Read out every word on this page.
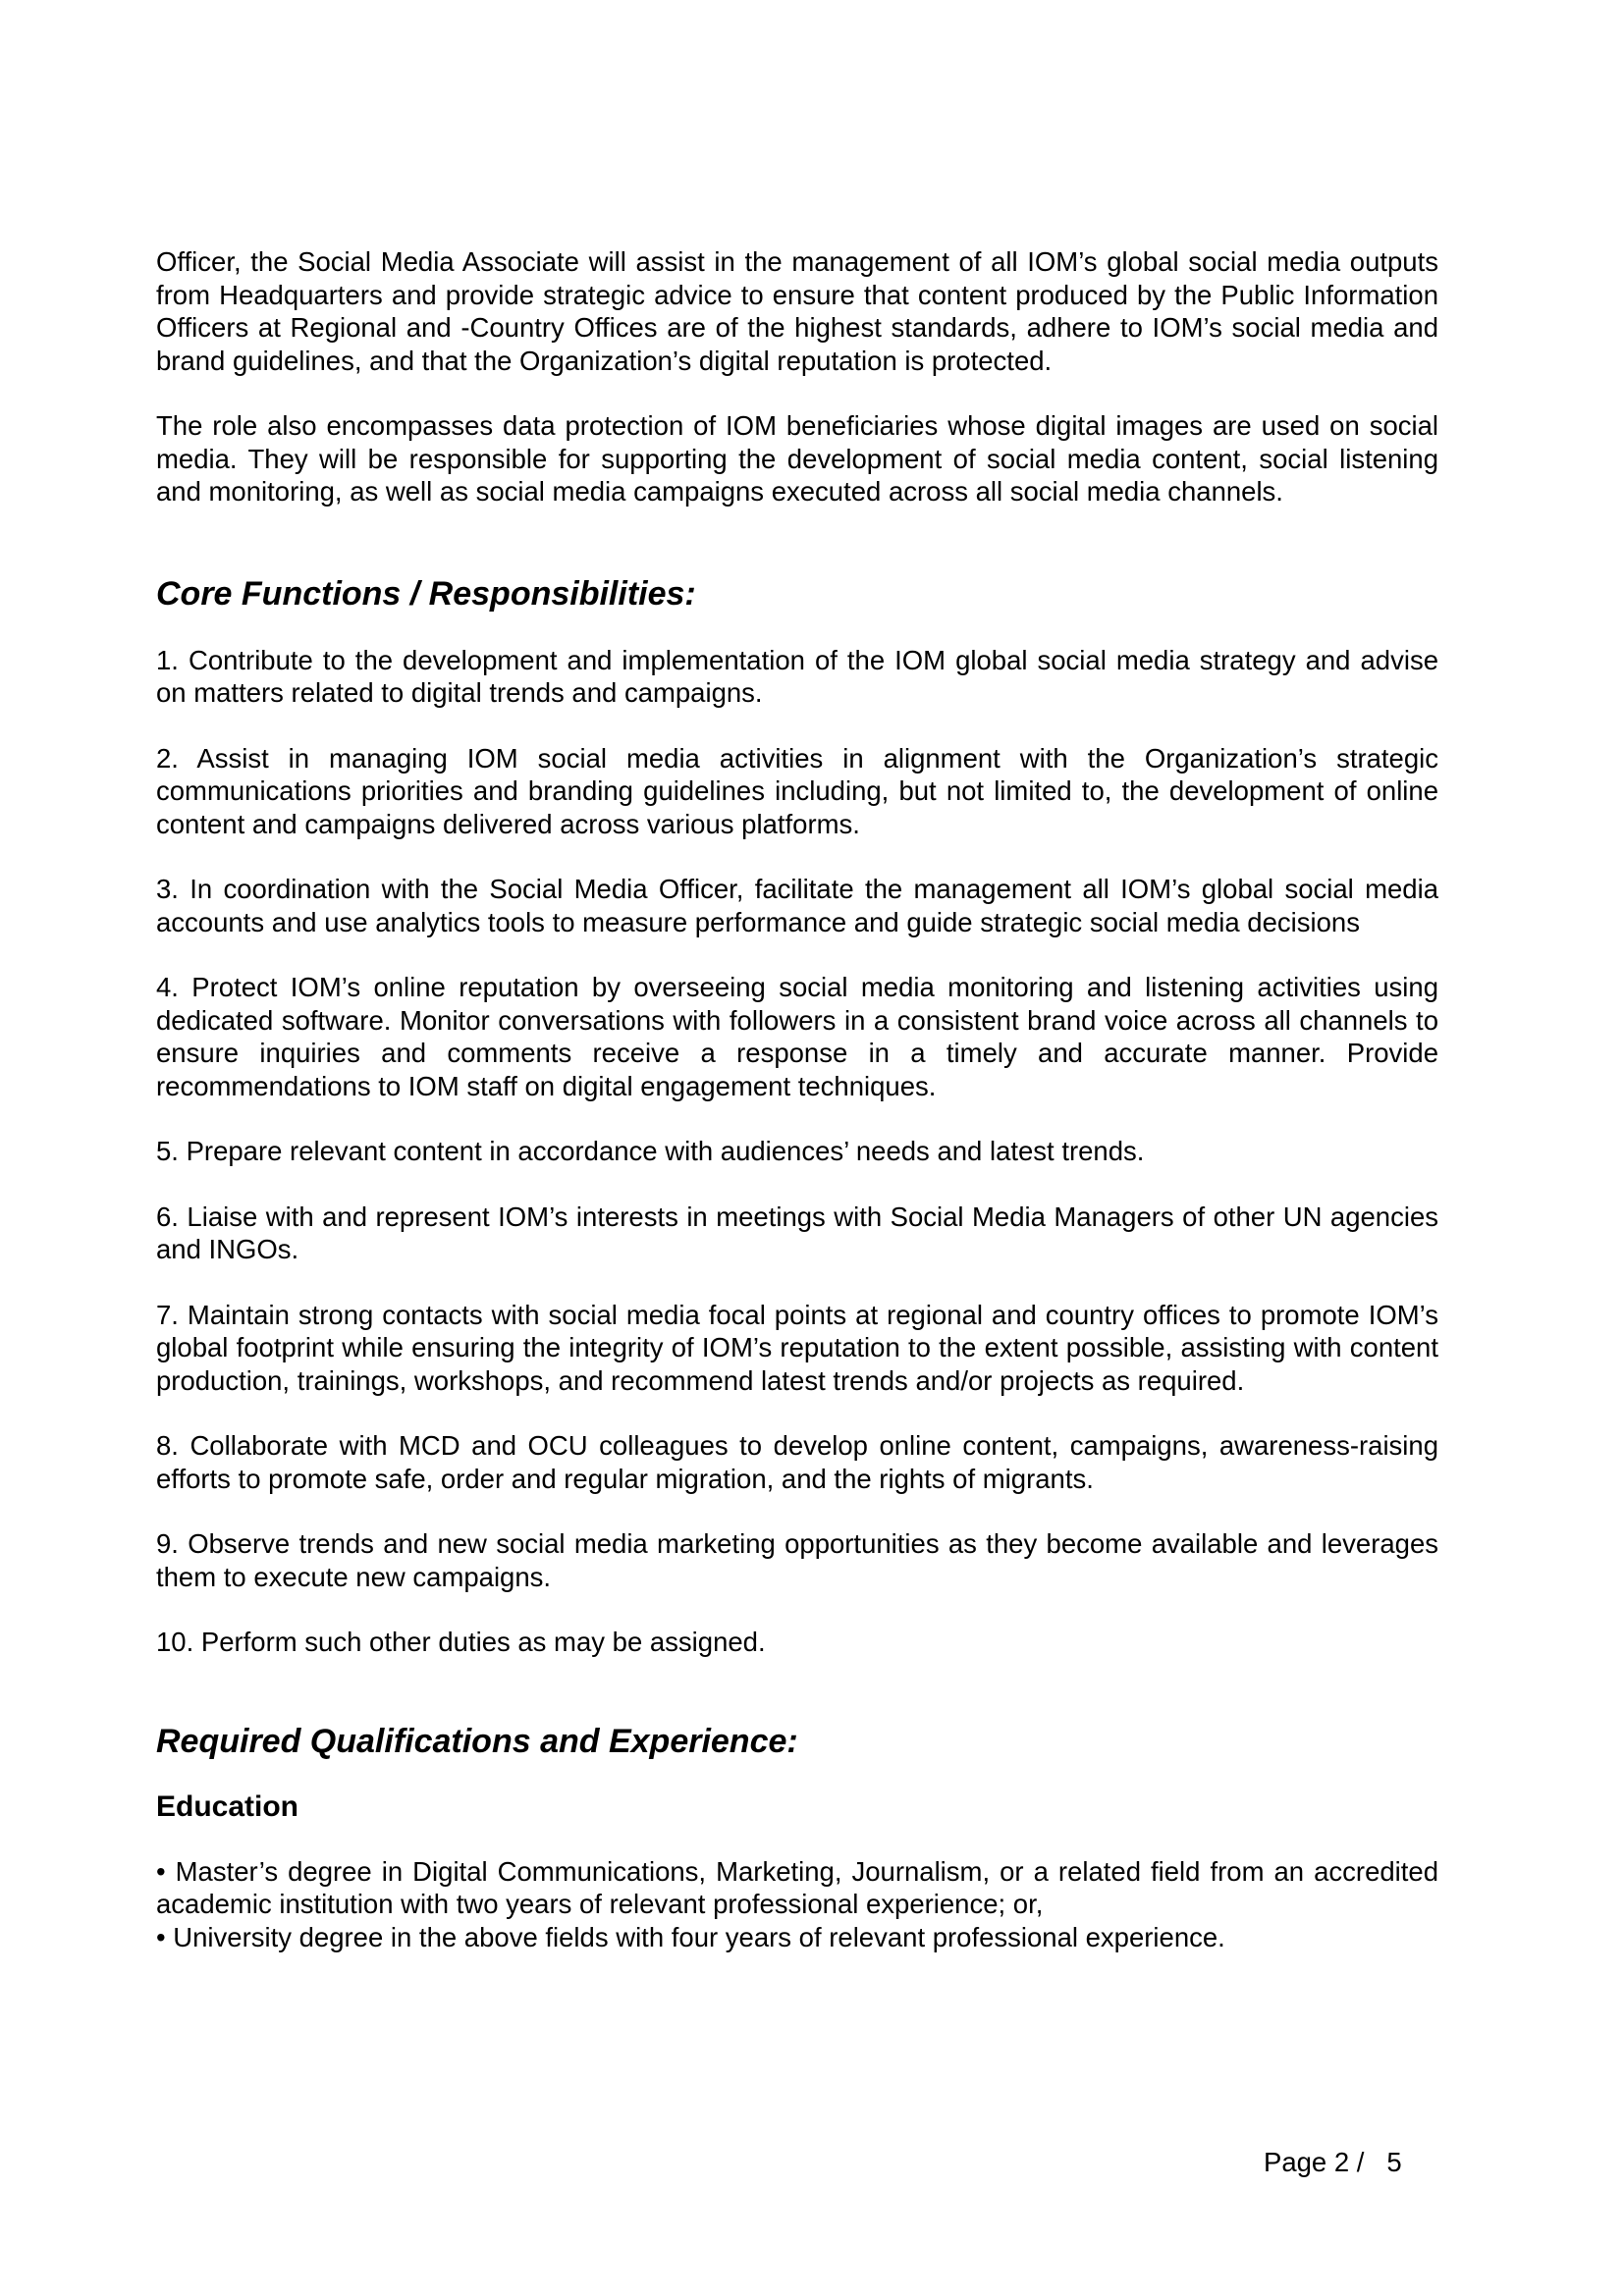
Officer, the Social Media Associate will assist in the management of all IOM’s global social media outputs from Headquarters and provide strategic advice to ensure that content produced by the Public Information Officers at Regional and -Country Offices are of the highest standards, adhere to IOM’s social media and brand guidelines, and that the Organization’s digital reputation is protected.

The role also encompasses data protection of IOM beneficiaries whose digital images are used on social media. They will be responsible for supporting the development of social media content, social listening and monitoring, as well as social media campaigns executed across all social media channels.

Core Functions / Responsibilities:

1. Contribute to the development and implementation of the IOM global social media strategy and advise on matters related to digital trends and campaigns.

2. Assist in managing IOM social media activities in alignment with the Organization’s strategic communications priorities and branding guidelines including, but not limited to, the development of online content and campaigns delivered across various platforms.

3. In coordination with the Social Media Officer, facilitate the management all IOM’s global social media accounts and use analytics tools to measure performance and guide strategic social media decisions

4. Protect IOM’s online reputation by overseeing social media monitoring and listening activities using dedicated software. Monitor conversations with followers in a consistent brand voice across all channels to ensure inquiries and comments receive a response in a timely and accurate manner. Provide recommendations to IOM staff on digital engagement techniques.

5. Prepare relevant content in accordance with audiences’ needs and latest trends.

6. Liaise with and represent IOM’s interests in meetings with Social Media Managers of other UN agencies and INGOs.

7. Maintain strong contacts with social media focal points at regional and country offices to promote IOM’s global footprint while ensuring the integrity of IOM’s reputation to the extent possible, assisting with content production, trainings, workshops, and recommend latest trends and/or projects as required.

8. Collaborate with MCD and OCU colleagues to develop online content, campaigns, awareness-raising efforts to promote safe, order and regular migration, and the rights of migrants.

9. Observe trends and new social media marketing opportunities as they become available and leverages them to execute new campaigns.

10. Perform such other duties as may be assigned.

Required Qualifications and Experience:
Education

• Master’s degree in Digital Communications, Marketing, Journalism, or a related field from an accredited academic institution with two years of relevant professional experience; or,

• University degree in the above fields with four years of relevant professional experience.

Page 2 /   5
